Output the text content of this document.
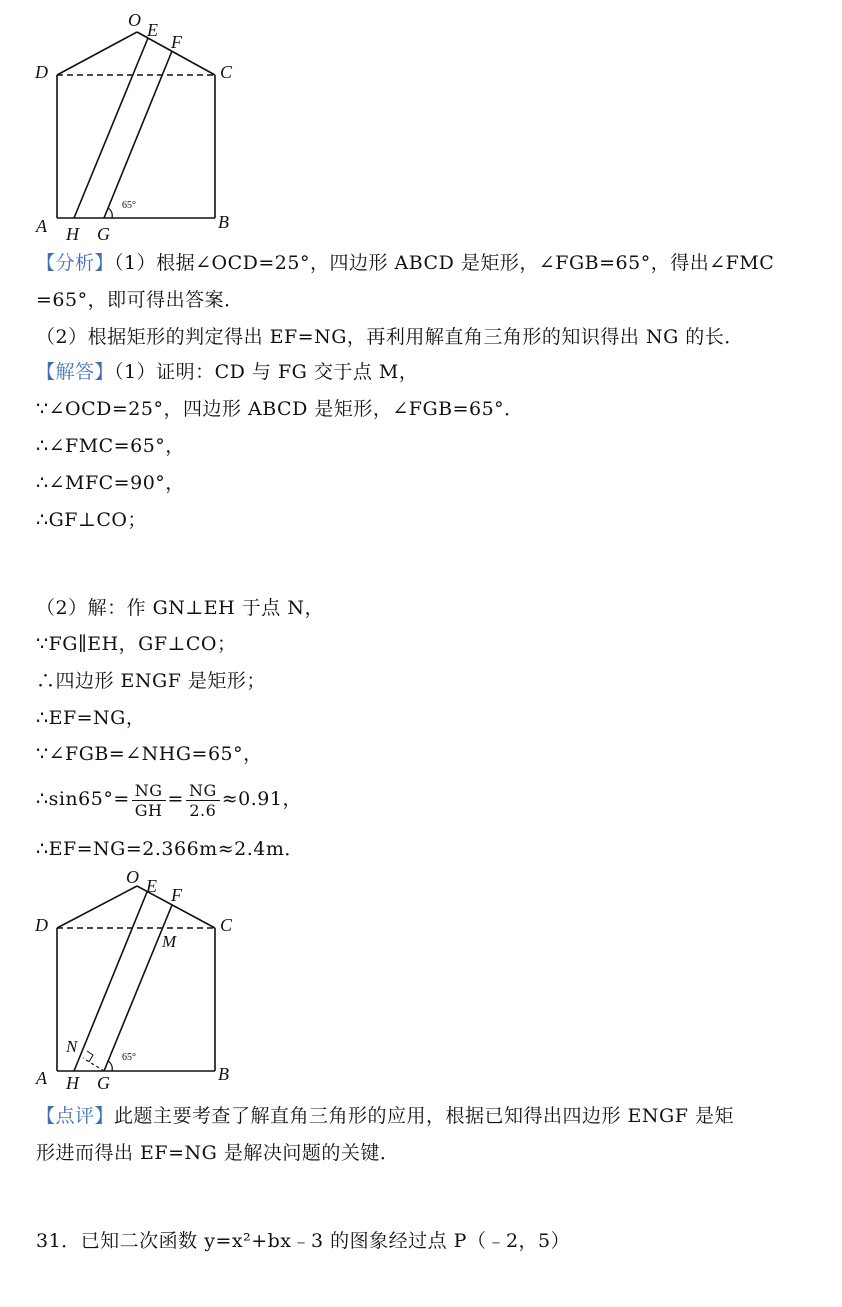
O E
F
D	C
A	B
H G
65°
【分析】（1）根据∠OCD=25°，四边形 ABCD 是矩形，∠FGB=65°，得出∠FMC
=65°，即可得出答案．
（2）根据矩形的判定得出 EF=NG，再利用解直角三角形的知识得出 NG 的长．
【解答】（1）证明：CD 与 FG 交于点 M，
∵∠OCD=25°，四边形 ABCD 是矩形，∠FGB=65°．
∴∠FMC=65°，
∴∠MFC=90°，
∴GF⊥CO；
（2）解：作 GN⊥EH 于点 N，
∵FG∥EH，GF⊥CO；
∴四边形 ENGF 是矩形；
∴EF=NG，
∵∠FGB=∠NHG=65°，
∴sin65°= $\frac{NG}{GH} = \frac{NG}{2.6} \approx 0.91$，
∴EF=NG=2.366m≈2.4m．
O E F
D	C
M
N
A	B
H G
65°
【点评】此题主要考查了解直角三角形的应用，根据已知得出四边形 ENGF 是矩
形进而得出 EF=NG 是解决问题的关键．
31．已知二次函数 y=x²+bx﹣3 的图象经过点 P（﹣2，5）
